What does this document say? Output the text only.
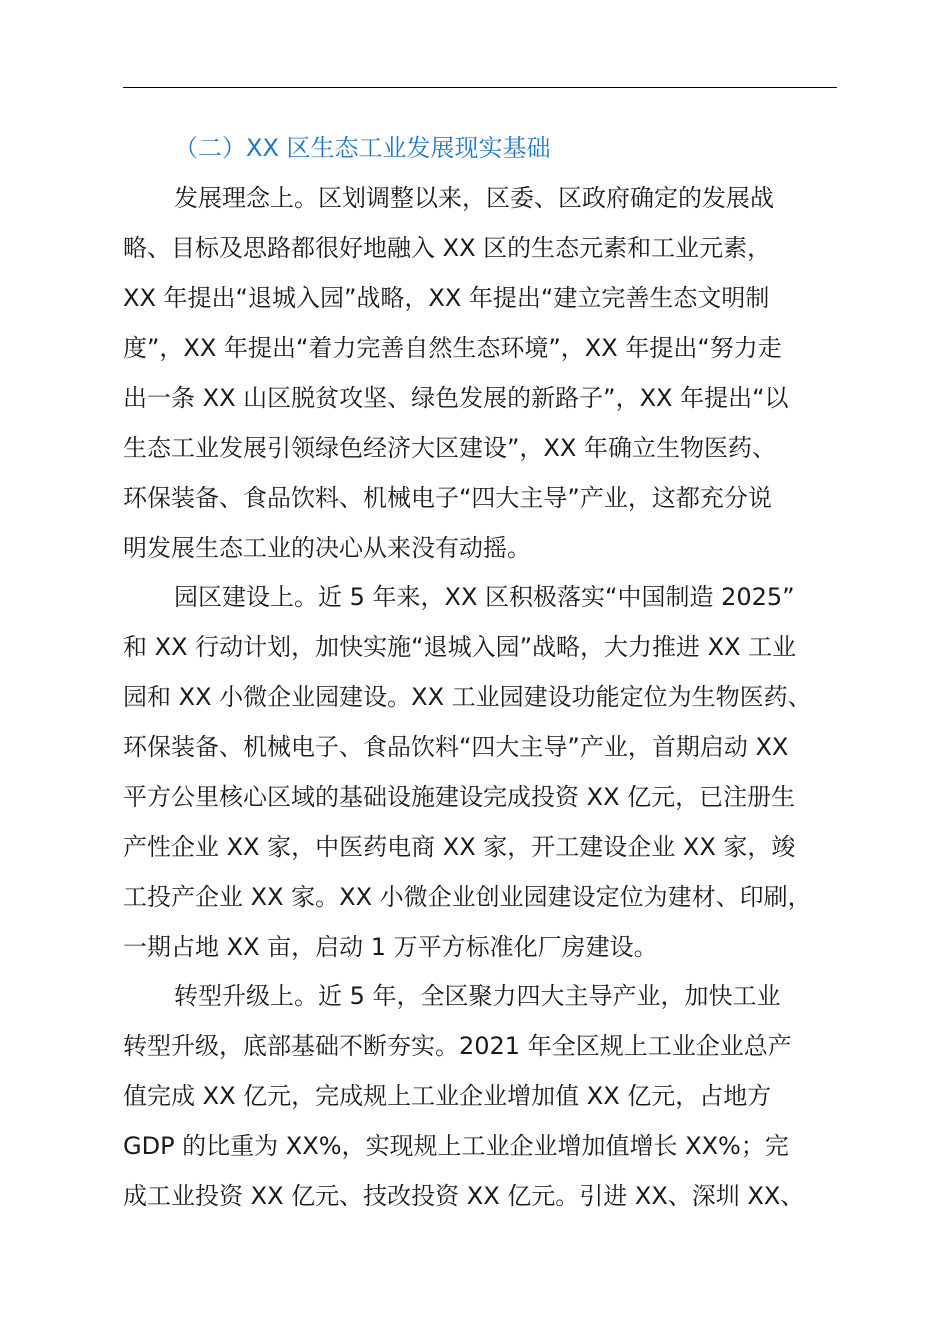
（二）XX 区生态工业发展现实基础
发展理念上。区划调整以来，区委、区政府确定的发展战
略、目标及思路都很好地融入 XX 区的生态元素和工业元素，
XX 年提出“退城入园”战略，XX 年提出“建立完善生态文明制
度”，XX 年提出“着力完善自然生态环境”，XX 年提出“努力走
出一条 XX 山区脱贫攻坚、绿色发展的新路子”，XX 年提出“以
生态工业发展引领绿色经济大区建设”，XX 年确立生物医药、
环保装备、食品饮料、机械电子“四大主导”产业，这都充分说
明发展生态工业的决心从来没有动摇。
园区建设上。近 5 年来，XX 区积极落实“中国制造 2025”
和 XX 行动计划，加快实施“退城入园”战略，大力推进 XX 工业
园和 XX 小微企业园建设。XX 工业园建设功能定位为生物医药、
环保装备、机械电子、食品饮料“四大主导”产业，首期启动 XX
平方公里核心区域的基础设施建设完成投资 XX 亿元，已注册生
产性企业 XX 家，中医药电商 XX 家，开工建设企业 XX 家，竣
工投产企业 XX 家。XX 小微企业创业园建设定位为建材、印刷，
一期占地 XX 亩，启动 1 万平方标准化厂房建设。
转型升级上。近 5 年，全区聚力四大主导产业，加快工业
转型升级，底部基础不断夯实。2021 年全区规上工业企业总产
值完成 XX 亿元，完成规上工业企业增加值 XX 亿元，占地方
GDP 的比重为 XX%，实现规上工业企业增加值增长 XX%；完
成工业投资 XX 亿元、技改投资 XX 亿元。引进 XX、深圳 XX、
